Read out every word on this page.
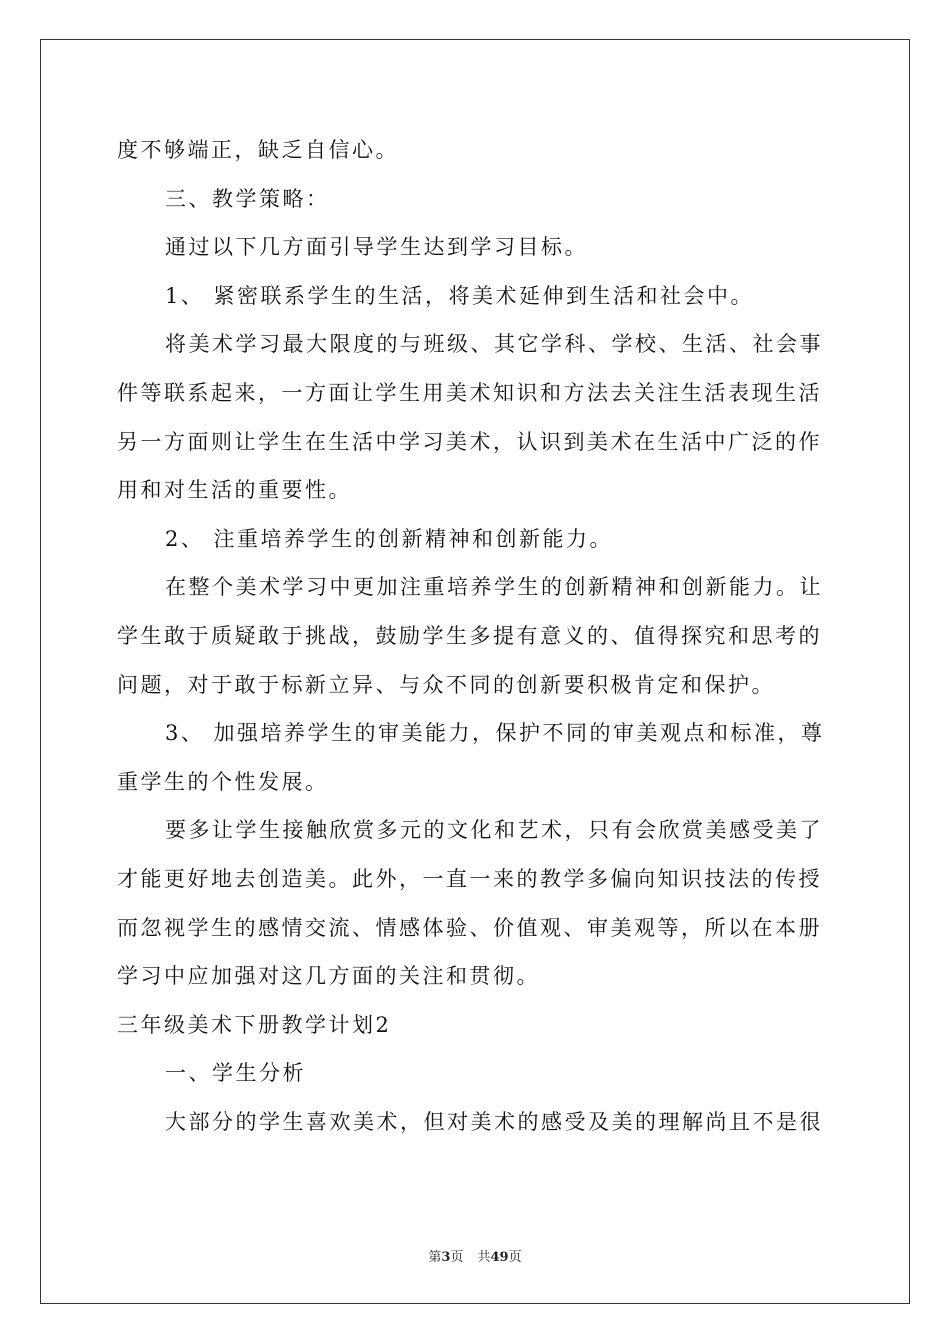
度不够端正，缺乏自信心。
三、教学策略：
通过以下几方面引导学生达到学习目标。
1、 紧密联系学生的生活，将美术延伸到生活和社会中。
将美术学习最大限度的与班级、其它学科、学校、生活、社会事
件等联系起来，一方面让学生用美术知识和方法去关注生活表现生活
另一方面则让学生在生活中学习美术，认识到美术在生活中广泛的作
用和对生活的重要性。
2、 注重培养学生的创新精神和创新能力。
在整个美术学习中更加注重培养学生的创新精神和创新能力。让
学生敢于质疑敢于挑战，鼓励学生多提有意义的、值得探究和思考的
问题，对于敢于标新立异、与众不同的创新要积极肯定和保护。
3、 加强培养学生的审美能力，保护不同的审美观点和标准，尊
重学生的个性发展。
要多让学生接触欣赏多元的文化和艺术，只有会欣赏美感受美了
才能更好地去创造美。此外，一直一来的教学多偏向知识技法的传授
而忽视学生的感情交流、情感体验、价值观、审美观等，所以在本册
学习中应加强对这几方面的关注和贯彻。
三年级美术下册教学计划2
一、学生分析
大部分的学生喜欢美术，但对美术的感受及美的理解尚且不是很
第3页 共49页
